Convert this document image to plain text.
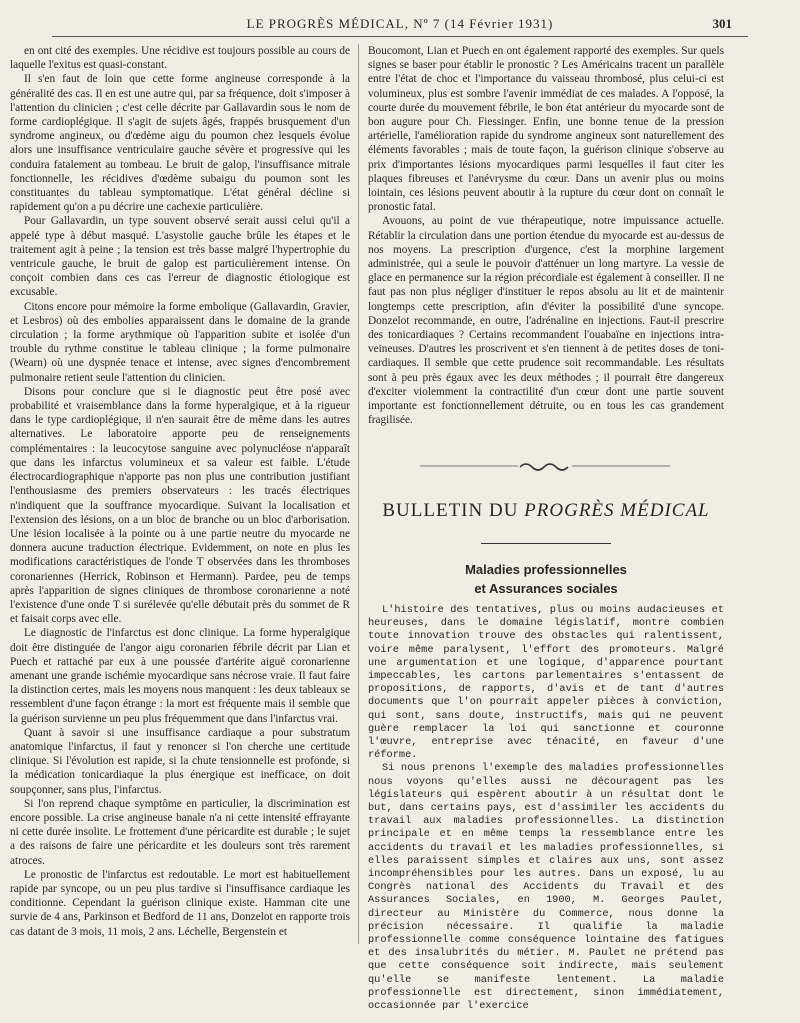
LE PROGRÈS MÉDICAL, Nº 7 (14 Février 1931)	301

en ont cité des exemples. Une récidive est toujours possible au cours de laquelle l'exitus est quasi-constant.

Il s'en faut de loin que cette forme angineuse corresponde à la généralité des cas. Il en est une autre qui, par sa fréquence, doit s'imposer à l'attention du clinicien ; c'est celle décrite par Gallavardin sous le nom de forme cardioplégique. Il s'agit de sujets âgés, frappés brusquement d'un syndrome angineux, ou d'œdème aigu du poumon chez lesquels évolue alors une insuffisance ventriculaire gauche sévère et progressive qui les conduira fatalement au tombeau. Le bruit de galop, l'insuffisance mitrale fonctionnelle, les récidives d'œdème subaigu du poumon sont les constituantes du tableau symptomatique. L'état général décline si rapidement qu'on a pu décrire une cachexie particulière.

Pour Gallavardin, un type souvent observé serait aussi celui qu'il a appelé type à début masqué. L'asystolie gauche brûle les étapes et le traitement agit à peine ; la tension est très basse malgré l'hypertrophie du ventricule gauche, le bruit de galop est particulièrement intense. On conçoit combien dans ces cas l'erreur de diagnostic étiologique est excusable.

Citons encore pour mémoire la forme embolique (Gallavardin, Gravier, et Lesbros) où des embolies apparaissent dans le domaine de la grande circulation ; la forme arythmique où l'apparition subite et isolée d'un trouble du rythme constitue le tableau clinique ; la forme pulmonaire (Wearn) où une dyspnée tenace et intense, avec signes d'encombrement pulmonaire retient seule l'attention du clinicien.

Disons pour conclure que si le diagnostic peut être posé avec probabilité et vraisemblance dans la forme hyperalgique, et à la rigueur dans le type cardioplégique, il n'en saurait être de même dans les autres alternatives. Le laboratoire apporte peu de renseignements complémentaires : la leucocytose sanguine avec polynucléose n'apparaît que dans les infarctus volumineux et sa valeur est faible. L'étude électrocardiographique n'apporte pas non plus une contribution justifiant l'enthousiasme des premiers observateurs : les tracés électriques n'indiquent que la souffrance myocardique. Suivant la localisation et l'extension des lésions, on a un bloc de branche ou un bloc d'arborisation. Une lésion localisée à la pointe ou à une partie neutre du myocarde ne donnera aucune traduction électrique. Evidemment, on note en plus les modifications caractéristiques de l'onde T observées dans les thromboses coronariennes (Herrick, Robinson et Hermann). Pardee, peu de temps après l'apparition de signes cliniques de thrombose coronarienne a noté l'existence d'une onde T si surélevée qu'elle débutait près du sommet de R et faisait corps avec elle.

Le diagnostic de l'infarctus est donc clinique. La forme hyperalgique doit être distinguée de l'angor aigu coronarien fébrile décrit par Lian et Puech et rattaché par eux à une poussée d'artérite aiguë coronarienne amenant une grande ischémie myocardique sans nécrose vraie. Il faut faire la distinction certes, mais les moyens nous manquent : les deux tableaux se ressemblent d'une façon étrange : la mort est fréquente mais il semble que la guérison survienne un peu plus fréquemment que dans l'infarctus vrai.

Quant à savoir si une insuffisance cardiaque a pour substratum anatomique l'infarctus, il faut y renoncer si l'on cherche une certitude clinique. Si l'évolution est rapide, si la chute tensionnelle est profonde, si la médication tonicardiaque la plus énergique est inefficace, on doit soupçonner, sans plus, l'infarctus.

Si l'on reprend chaque symptôme en particulier, la discrimination est encore possible. La crise angineuse banale n'a ni cette intensité effrayante ni cette durée insolite. Le frottement d'une péricardite est durable ; le sujet a des raisons de faire une péricardite et les douleurs sont très rarement atroces.

Le pronostic de l'infarctus est redoutable. Le mort est habituellement rapide par syncope, ou un peu plus tardive si l'insuffisance cardiaque les conditionne. Cependant la guérison clinique existe. Hamman cite une survie de 4 ans, Parkinson et Bedford de 11 ans, Donzelot en rapporte trois cas datant de 3 mois, 11 mois, 2 ans. Léchelle, Bergenstein et

Boucomont, Lian et Puech en ont également rapporté des exemples. Sur quels signes se baser pour établir le pronostic ? Les Américains tracent un parallèle entre l'état de choc et l'importance du vaisseau thrombosé, plus celui-ci est volumineux, plus est sombre l'avenir immédiat de ces malades. A l'opposé, la courte durée du mouvement fébrile, le bon état antérieur du myocarde sont de bon augure pour Ch. Fiessinger. Enfin, une bonne tenue de la pression artérielle, l'amélioration rapide du syndrome angineux sont naturellement des éléments favorables ; mais de toute façon, la guérison clinique s'observe au prix d'importantes lésions myocardiques parmi lesquelles il faut citer les plaques fibreuses et l'anévrysme du cœur. Dans un avenir plus ou moins lointain, ces lésions peuvent aboutir à la rupture du cœur dont on connaît le pronostic fatal.

Avouons, au point de vue thérapeutique, notre impuissance actuelle. Rétablir la circulation dans une portion étendue du myocarde est au-dessus de nos moyens. La prescription d'urgence, c'est la morphine largement administrée, qui a seule le pouvoir d'atténuer un long martyre. La vessie de glace en permanence sur la région précordiale est également à conseiller. Il ne faut pas non plus négliger d'instituer le repos absolu au lit et de maintenir longtemps cette prescription, afin d'éviter la possibilité d'une syncope. Donzelot recommande, en outre, l'adrénaline en injections. Faut-il prescrire des tonicardiaques ? Certains recommandent l'ouabaïne en injections intra-veineuses. D'autres les proscrivent et s'en tiennent à de petites doses de toni-cardiaques. Il semble que cette prudence soit recommandable. Les résultats sont à peu près égaux avec les deux méthodes ; il pourrait être dangereux d'exciter violemment la contractilité d'un cœur dont une partie souvent importante est fonctionnellement détruite, ou en tous les cas grandement fragilisée.

BULLETIN DU PROGRÈS MÉDICAL
Maladies professionnelles
et Assurances sociales

L'histoire des tentatives, plus ou moins audacieuses et heureuses, dans le domaine législatif, montre combien toute innovation trouve des obstacles qui ralentissent, voire même paralysent, l'effort des promoteurs. Malgré une argumentation et une logique, d'apparence pourtant impeccables, les cartons parlementaires s'entassent de propositions, de rapports, d'avis et de tant d'autres documents que l'on pourrait appeler pièces à conviction, qui sont, sans doute, instructifs, mais qui ne peuvent guère remplacer la loi qui sanctionne et couronne l'œuvre, entreprise avec ténacité, en faveur d'une réforme.

Si nous prenons l'exemple des maladies professionnelles nous voyons qu'elles aussi ne découragent pas les législateurs qui espèrent aboutir à un résultat dont le but, dans certains pays, est d'assimiler les accidents du travail aux maladies professionnelles. La distinction principale et en même temps la ressemblance entre les accidents du travail et les maladies professionnelles, si elles paraissent simples et claires aux uns, sont assez incompréhensibles pour les autres. Dans un exposé, lu au Congrès national des Accidents du Travail et des Assurances Sociales, en 1900, M. Georges Paulet, directeur au Ministère du Commerce, nous donne la précision nécessaire. Il qualifie la maladie professionnelle comme conséquence lointaine des fatigues et des insalubrités du métier. M. Paulet ne prétend pas que cette conséquence soit indirecte, mais seulement qu'elle se manifeste lentement. La maladie professionnelle est directement, sinon immédiatement, occasionnée par l'exercice
